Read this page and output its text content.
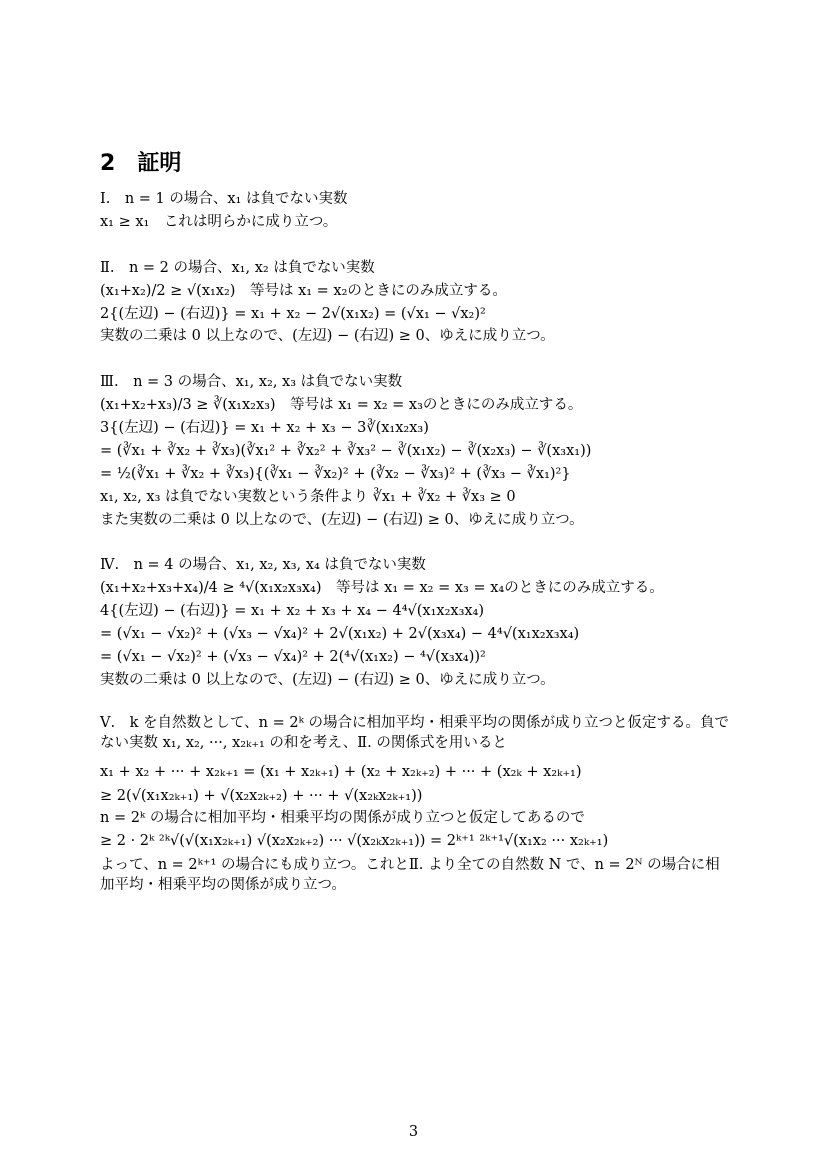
2 証明
Ⅰ.　n = 1 の場合、x₁ は負でない実数
x₁ ≥ x₁　これは明らかに成り立つ。
Ⅱ.　n = 2 の場合、x₁, x₂ は負でない実数
(x₁+x₂)/2 ≥ √(x₁x₂)　等号は x₁ = x₂のときにのみ成立する。
2{(左辺) − (右辺)} = x₁ + x₂ − 2√(x₁x₂) = (√x₁ − √x₂)²
実数の二乗は 0 以上なので、(左辺) − (右辺) ≥ 0、ゆえに成り立つ。
Ⅲ.　n = 3 の場合、x₁, x₂, x₃ は負でない実数
(x₁+x₂+x₃)/3 ≥ ∛(x₁x₂x₃)　等号は x₁ = x₂ = x₃のときにのみ成立する。
3{(左辺) − (右辺)} = x₁ + x₂ + x₃ − 3∛(x₁x₂x₃)
= (∛x₁ + ∛x₂ + ∛x₃)(∛x₁² + ∛x₂² + ∛x₃² − ∛(x₁x₂) − ∛(x₂x₃) − ∛(x₃x₁))
= ½(∛x₁ + ∛x₂ + ∛x₃){(∛x₁ − ∛x₂)² + (∛x₂ − ∛x₃)² + (∛x₃ − ∛x₁)²}
x₁, x₂, x₃ は負でない実数という条件より ∛x₁ + ∛x₂ + ∛x₃ ≥ 0
また実数の二乗は 0 以上なので、(左辺) − (右辺) ≥ 0、ゆえに成り立つ。
Ⅳ.　n = 4 の場合、x₁, x₂, x₃, x₄ は負でない実数
(x₁+x₂+x₃+x₄)/4 ≥ ⁴√(x₁x₂x₃x₄)　等号は x₁ = x₂ = x₃ = x₄のときにのみ成立する。
4{(左辺) − (右辺)} = x₁ + x₂ + x₃ + x₄ − 4⁴√(x₁x₂x₃x₄)
= (√x₁ − √x₂)² + (√x₃ − √x₄)² + 2√(x₁x₂) + 2√(x₃x₄) − 4⁴√(x₁x₂x₃x₄)
= (√x₁ − √x₂)² + (√x₃ − √x₄)² + 2(⁴√(x₁x₂) − ⁴√(x₃x₄))²
実数の二乗は 0 以上なので、(左辺) − (右辺) ≥ 0、ゆえに成り立つ。
Ⅴ.　k を自然数として、n = 2ᵏ の場合に相加平均・相乗平均の関係が成り立つと仮定する。負でない実数 x₁, x₂, ···, x₂ₖ₊₁ の和を考え、Ⅱ. の関係式を用いると
x₁ + x₂ + ··· + x₂ₖ₊₁ = (x₁ + x₂ₖ₊₁) + (x₂ + x₂ₖ₊₂) + ··· + (x₂ₖ + x₂ₖ₊₁)
≥ 2(√(x₁x₂ₖ₊₁) + √(x₂x₂ₖ₊₂) + ··· + √(x₂ₖx₂ₖ₊₁))
n = 2ᵏ の場合に相加平均・相乗平均の関係が成り立つと仮定してあるので
≥ 2 · 2ᵏ ²ᵏ√(√(x₁x₂ₖ₊₁) √(x₂x₂ₖ₊₂) ··· √(x₂ₖx₂ₖ₊₁)) = 2ᵏ⁺¹ ²ᵏ⁺¹√(x₁x₂ ··· x₂ₖ₊₁)
よって、n = 2ᵏ⁺¹ の場合にも成り立つ。これとⅡ. より全ての自然数 N で、n = 2ᴺ の場合に相加平均・相乗平均の関係が成り立つ。
3
